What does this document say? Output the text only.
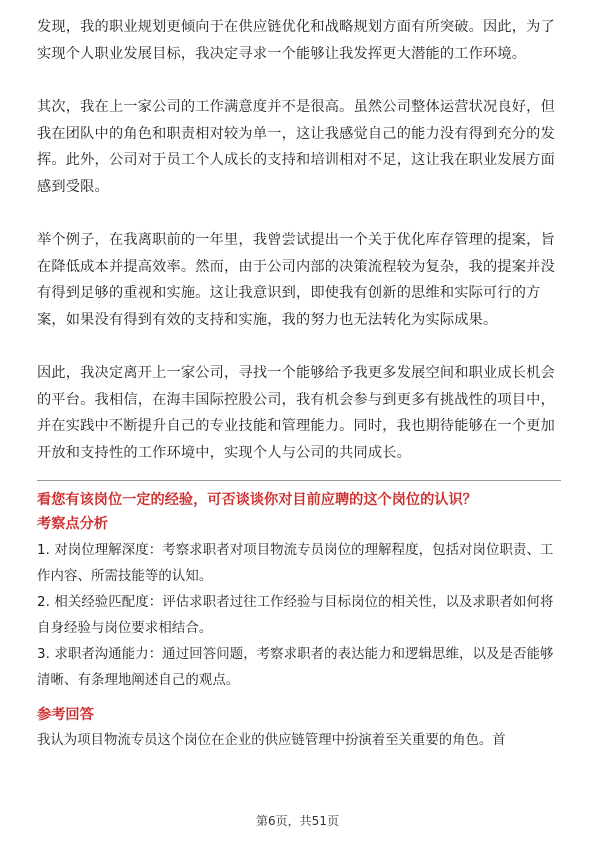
发现，我的职业规划更倾向于在供应链优化和战略规划方面有所突破。因此，为了实现个人职业发展目标，我决定寻求一个能够让我发挥更大潜能的工作环境。

其次，我在上一家公司的工作满意度并不是很高。虽然公司整体运营状况良好，但我在团队中的角色和职责相对较为单一，这让我感觉自己的能力没有得到充分的发挥。此外，公司对于员工个人成长的支持和培训相对不足，这让我在职业发展方面感到受限。

举个例子，在我离职前的一年里，我曾尝试提出一个关于优化库存管理的提案，旨在降低成本并提高效率。然而，由于公司内部的决策流程较为复杂，我的提案并没有得到足够的重视和实施。这让我意识到，即使我有创新的思维和实际可行的方案，如果没有得到有效的支持和实施，我的努力也无法转化为实际成果。

因此，我决定离开上一家公司，寻找一个能够给予我更多发展空间和职业成长机会的平台。我相信，在海丰国际控股公司，我有机会参与到更多有挑战性的项目中，并在实践中不断提升自己的专业技能和管理能力。同时，我也期待能够在一个更加开放和支持性的工作环境中，实现个人与公司的共同成长。

看您有该岗位一定的经验，可否谈谈你对目前应聘的这个岗位的认识？
考察点分析

1. 对岗位理解深度：考察求职者对项目物流专员岗位的理解程度，包括对岗位职责、工作内容、所需技能等的认知。

2. 相关经验匹配度：评估求职者过往工作经验与目标岗位的相关性，以及求职者如何将自身经验与岗位要求相结合。

3. 求职者沟通能力：通过回答问题，考察求职者的表达能力和逻辑思维，以及是否能够清晰、有条理地阐述自己的观点。

参考回答

我认为项目物流专员这个岗位在企业的供应链管理中扮演着至关重要的角色。首

第6页，共51页
